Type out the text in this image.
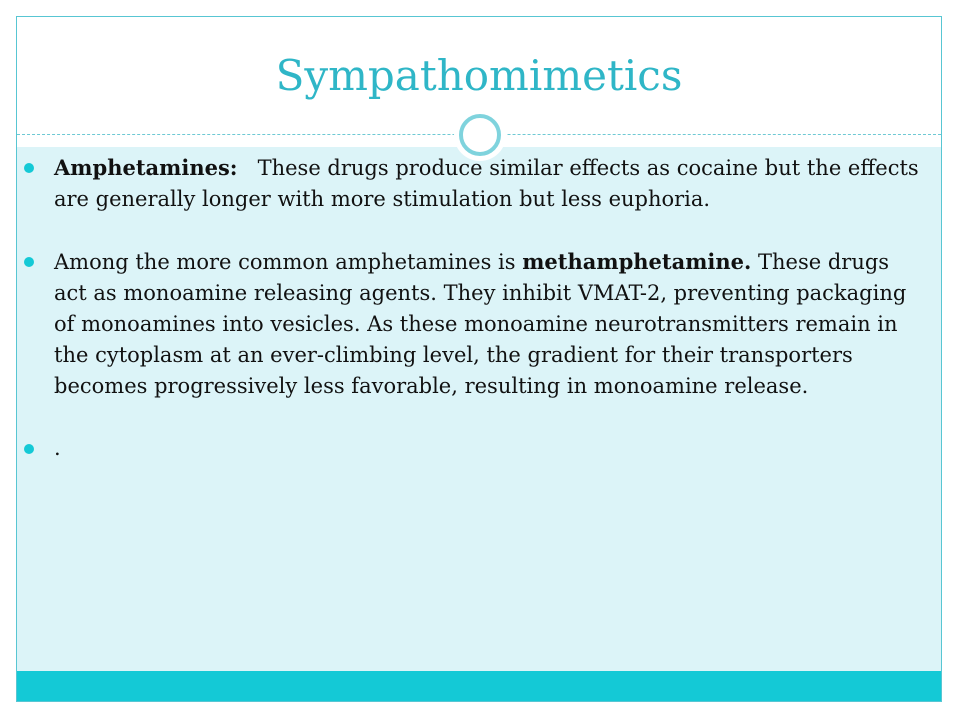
Sympathomimetics
Amphetamines: These drugs produce similar effects as cocaine but the effects are generally longer with more stimulation but less euphoria.
Among the more common amphetamines is methamphetamine. These drugs act as monoamine releasing agents. They inhibit VMAT-2, preventing packaging of monoamines into vesicles. As these monoamine neurotransmitters remain in the cytoplasm at an ever-climbing level, the gradient for their transporters becomes progressively less favorable, resulting in monoamine release.
.
